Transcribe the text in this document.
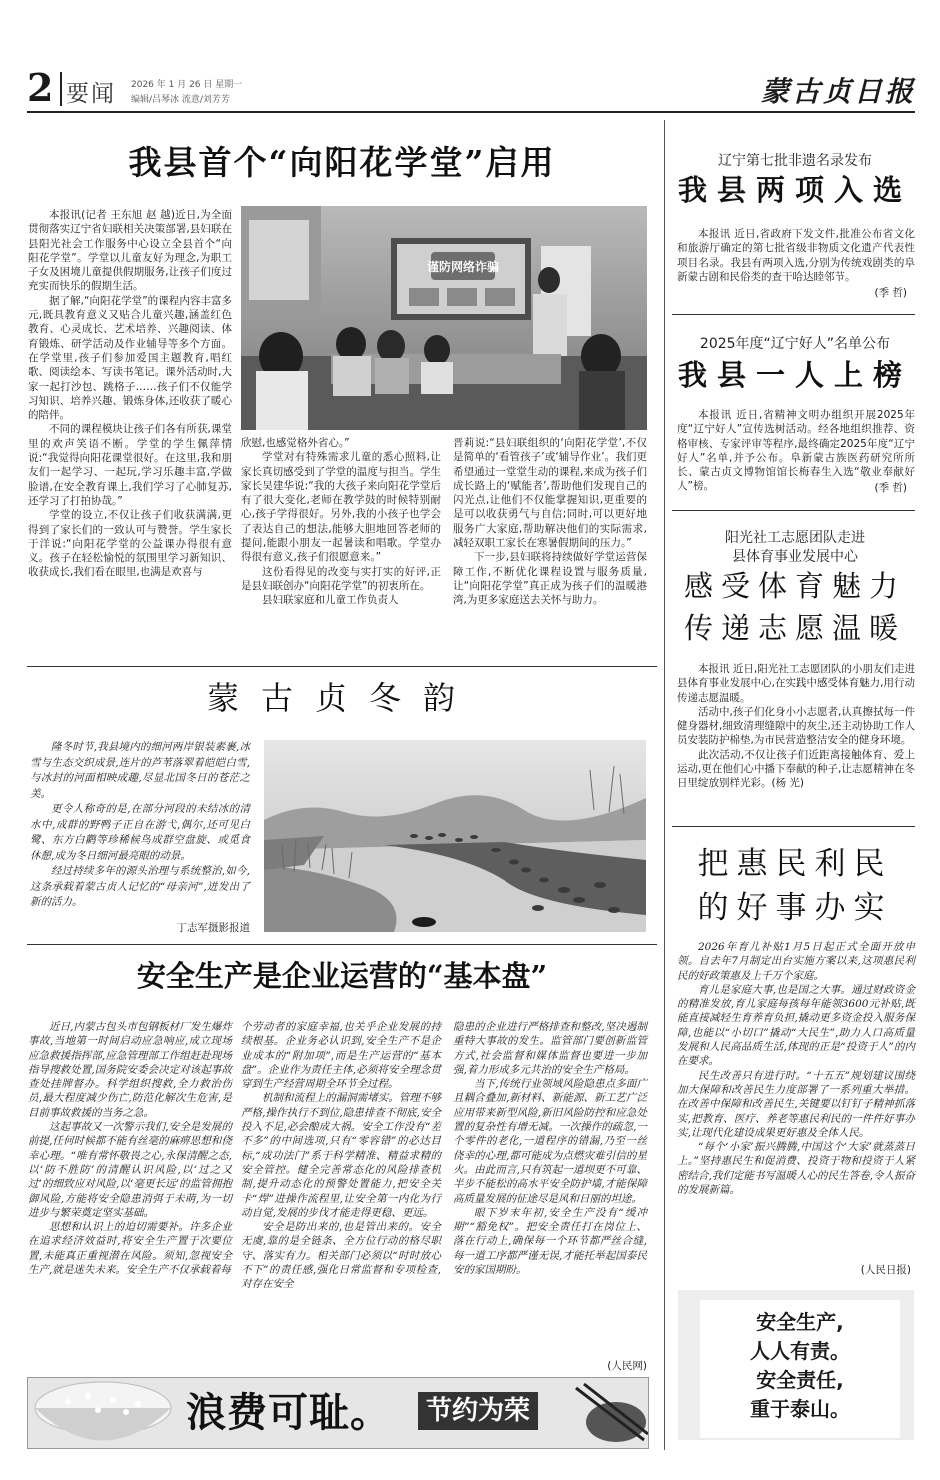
2 要闻 2026 年 1 月 26 日 星期一
编辑/吕琴冰 流意/刘芳芳	蒙古贞日报
我县首个“向阳花学堂”启用

本报讯(记者 王东旭 赵 越)近日,为全面贯彻落实辽宁省妇联相关决策部署,县妇联在县阳光社会工作服务中心设立全县首个“向阳花学堂”。学堂以儿童友好为理念,为职工子女及困境儿童提供假期服务,让孩子们度过充实而快乐的假期生活。

据了解,“向阳花学堂”的课程内容丰富多元,既具教育意义又贴合儿童兴趣,涵盖红色教育、心灵成长、艺术培养、兴趣阅读、体育锻炼、研学活动及作业辅导等多个方面。在学堂里,孩子们参加爱国主题教育,唱红歌、阅读绘本、写读书笔记。课外活动时,大家一起打沙包、跳格子……孩子们不仅能学习知识、培养兴趣、锻炼身体,还收获了暖心的陪伴。

不同的课程模块让孩子们各有所获,课堂里的欢声笑语不断。学堂的学生佩萍情说:“我觉得向阳花课堂很好。在这里,我和朋友们一起学习、一起玩,学习乐趣丰富,学做脸谱,在安全教育课上,我们学习了心肺复苏,还学习了打拍协哉。”

学堂的设立,不仅让孩子们收获满满,更得到了家长们的一致认可与赞誉。学生家长于洋说:“向阳花学堂的公益课办得很有意义。孩子在轻松愉悦的氛围里学习新知识、收获成长,我们看在眼里,也满是欢喜与

谨防网络诈骗

欣慰,也感觉格外省心。”

学堂对有特殊需求儿童的悉心照料,让家长真切感受到了学堂的温度与担当。学生家长吴建华说:“我的大孩子来向阳花学堂后有了很大变化,老师在教学鼓的时候特别耐心,孩子学得很好。另外,我的小孩子也学会了表达自己的想法,能够大胆地回答老师的提问,能跟小朋友一起暑读和唱歌。学堂办得很有意义,孩子们很愿意来。”

这份看得见的改变与实打实的好评,正是县妇联创办“向阳花学堂”的初衷所在。

县妇联家庭和儿童工作负责人

晋莉说:“县妇联组织的‘向阳花学堂’,不仅是简单的‘看管孩子’或‘辅导作业’。我们更希望通过一堂堂生动的课程,来成为孩子们成长路上的‘赋能者’,帮助他们发现自己的闪光点,让他们不仅能掌握知识,更重要的是可以收获勇气与自信;同时,可以更好地服务广大家庭,帮助解决他们的实际需求,减轻双职工家长在寒暑假期间的压力。”

下一步,县妇联将持续做好学堂运营保障工作,不断优化课程设置与服务质量,让“向阳花学堂”真正成为孩子们的温暖港湾,为更多家庭送去关怀与助力。

蒙古贞冬韵

隆冬时节,我县境内的细河两岸银装素裹,冰雪与生态交织成景,连片的芦苇落翠着皑皑白雪,与冰封的河面相映成趣,尽显北国冬日的苍茫之美。

更令人称奇的是,在部分河段的未结冰的清水中,成群的野鸭子正自在游弋,偶尔,还可见白鹭、东方白鹳等珍稀候鸟成群空盘旋、或觅食休憩,成为冬日细河最亮眼的动景。

经过持续多年的源头治理与系统整治,如今,这条承载着蒙古贞人记忆的“母亲河”,迸发出了新的活力。

丁志军摄影报道
安全生产是企业运营的“基本盘”

近日,内蒙古包头市包钢板材厂发生爆炸事故,当地第一时间启动应急响应,成立现场应急救援指挥部,应急管理部工作组赶赴现场指导搜救处置,国务院安委会决定对该起事故查处挂牌督办。科学组织搜救,全力救治伤员,最大程度减少伤亡,防范化解次生危害,是目前事故救援的当务之急。

这起事故又一次警示我们,安全是发展的前提,任何时候都不能有丝毫的麻痹思想和侥幸心理。“唯有常怀敬畏之心,永保清醒之态,以‘防不胜防’的清醒认识风险,以‘过之又过’的细致应对风险,以‘毫更长远’的监管拥抱御风险,方能将安全隐患消弭于未萌,为一切进步与繁荣奠定坚实基础。

思想和认识上的迫切需要补。许多企业在追求经济效益时,将安全生产置于次要位置,未能真正重视潜在风险。须知,忽视安全生产,就是迷失未来。安全生产不仅承载着每

个劳动者的家庭幸福,也关乎企业发展的持续根基。企业务必认识到,安全生产不是企业成本的“附加项”,而是生产运营的“基本盘”。企业作为责任主体,必须将安全理念贯穿到生产经营周期全环节全过程。

机制和流程上的漏洞需堵实。管理不够严格,操作执行不到位,隐患排查不彻底,安全投入不足,必会酿成大祸。安全工作没有“差不多”的中间选项,只有“零容错”的必达目标,“成功法门”系于科学精准、精益求精的安全管控。健全完善常态化的风险排查机制,提升动态化的预警处置能力,把安全关卡“焊”进操作流程里,让安全第一内化为行动自觉,发展的步伐才能走得更稳、更远。

安全是防出来的,也是管出来的。安全无虞,靠的是全链条、全方位行动的格尽职守、落实有力。相关部门必须以“时时放心不下”的责任感,强化日常监督和专项检查,对存在安全

隐患的企业进行严格排查和整改,坚决遏制重特大事故的发生。监管部门要创新监管方式,社会监督和媒体监督也要进一步加强,着力形成多元共治的安全生产格局。

当下,传统行业领域风险隐患点多面广且耦合叠加,新材料、新能源、新工艺广泛应用带来新型风险,新旧风险防控和应急处置的复杂性有增无减。一次操作的疏忽,一个零件的老化,一道程序的错漏,乃至一丝侥幸的心理,都可能成为点燃灾难引信的星火。由此而言,只有筑起一道坝更不可靠、半步不能松的高水平安全防护墙,才能保障高质量发展的征途尽是风和日丽的坦途。

眼下岁末年初,安全生产没有“缓冲期”“豁免权”。把安全责任打在岗位上、落在行动上,确保每一个环节都严丝合缝,每一道工序都严谨无误,才能托举起国泰民安的家国期盼。

(人民网)
浪费可耻。	节约为荣
辽宁第七批非遗名录发布
我县两项入选

本报讯 近日,省政府下发文件,批准公布省文化和旅游厅确定的第七批省级非物质文化遗产代表性项目名录。我县有两项入选,分别为传统戏剧类的阜新蒙古剧和民俗类的查干哈达睦邻节。

(季 哲)
2025年度“辽宁好人”名单公布
我县一人上榜

本报讯 近日,省精神文明办组织开展2025年度“辽宁好人”宣传选树活动。经各地组织推荐、资格审核、专家评审等程序,最终确定2025年度“辽宁好人”名单,并予公布。阜新蒙古族医药研究所所长、蒙古贞文博物馆馆长梅春生入选“敬业奉献好人”榜。	(季 哲)
阳光社工志愿团队走进
县体育事业发展中心
感受体育魅力
传递志愿温暖

本报讯 近日,阳光社工志愿团队的小朋友们走进县体育事业发展中心,在实践中感受体育魅力,用行动传递志愿温暖。

活动中,孩子们化身小小志愿者,认真擦拭每一件健身器材,细致清理缝隙中的灰尘,还主动协助工作人员安装防护棉垫,为市民营造整洁安全的健身环境。

此次活动,不仅让孩子们近距离接触体育、爱上运动,更在他们心中播下奉献的种子,让志愿精神在冬日里绽放别样光彩。(杨 光)

把惠民利民
的好事办实

2026年育儿补贴1月5日起正式全面开放申领。自去年7月制定出台实施方案以来,这项惠民利民的好政策惠及上千万个家庭。

育儿是家庭大事,也是国之大事。通过财政资金的精准发放,育儿家庭每孩每年能领3600元补贴,既能直接减轻生育养育负担,撬动更多资金投入服务保障,也能以“小切口”撬动“大民生”,助力人口高质量发展和人民高品质生活,体现的正是“投资于人”的内在要求。

民生改善只有进行时。“十五五”规划建议围绕加大保障和改善民生力度部署了一系列重大举措。在改善中保障和改善民生,关键要以钉钉子精神抓落实,把教育、医疗、养老等惠民利民的一件件好事办实,让现代化建设成果更好惠及全体人民。

“每个‘小家’振兴腾腾,中国这个‘大家’就蒸蒸日上。”坚持惠民生和促消费、投资于物和投资于人紧密结合,我们定能书写温暖人心的民生答卷,令人振奋的发展新篇。

(人民日报)
安全生产,
人人有责。
安全责任,
重于泰山。
